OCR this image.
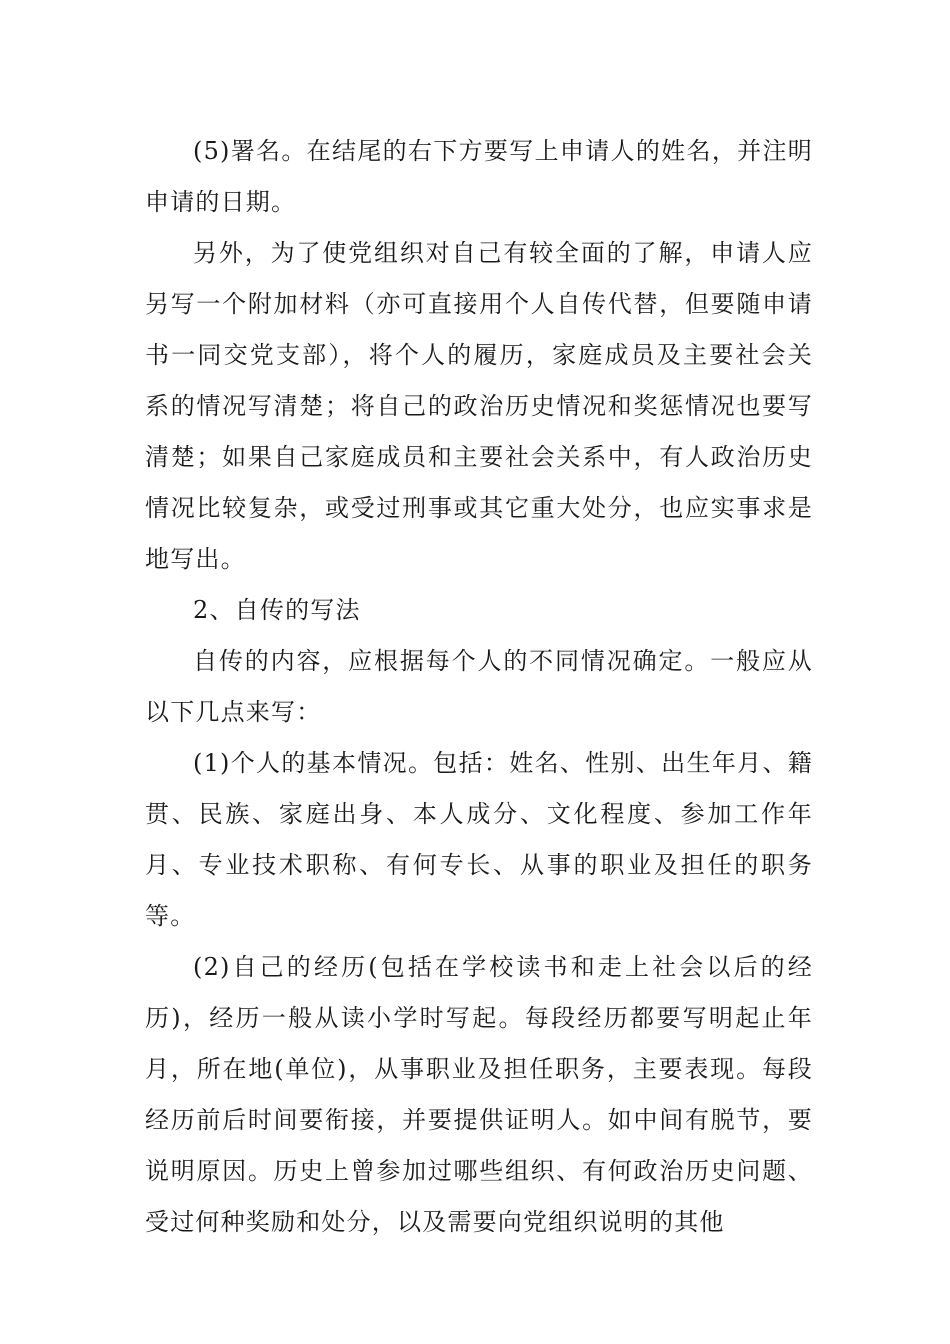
(5)署名。在结尾的右下方要写上申请人的姓名，并注明申请的日期。

另外，为了使党组织对自己有较全面的了解，申请人应另写一个附加材料（亦可直接用个人自传代替，但要随申请书一同交党支部），将个人的履历，家庭成员及主要社会关系的情况写清楚；将自己的政治历史情况和奖惩情况也要写清楚；如果自己家庭成员和主要社会关系中，有人政治历史情况比较复杂，或受过刑事或其它重大处分，也应实事求是地写出。

2、自传的写法

自传的内容，应根据每个人的不同情况确定。一般应从以下几点来写：

(1)个人的基本情况。包括：姓名、性别、出生年月、籍贯、民族、家庭出身、本人成分、文化程度、参加工作年月、专业技术职称、有何专长、从事的职业及担任的职务等。

(2)自己的经历(包括在学校读书和走上社会以后的经历)，经历一般从读小学时写起。每段经历都要写明起止年月，所在地(单位)，从事职业及担任职务，主要表现。每段经历前后时间要衔接，并要提供证明人。如中间有脱节，要说明原因。历史上曾参加过哪些组织、有何政治历史问题、受过何种奖励和处分，以及需要向党组织说明的其他
